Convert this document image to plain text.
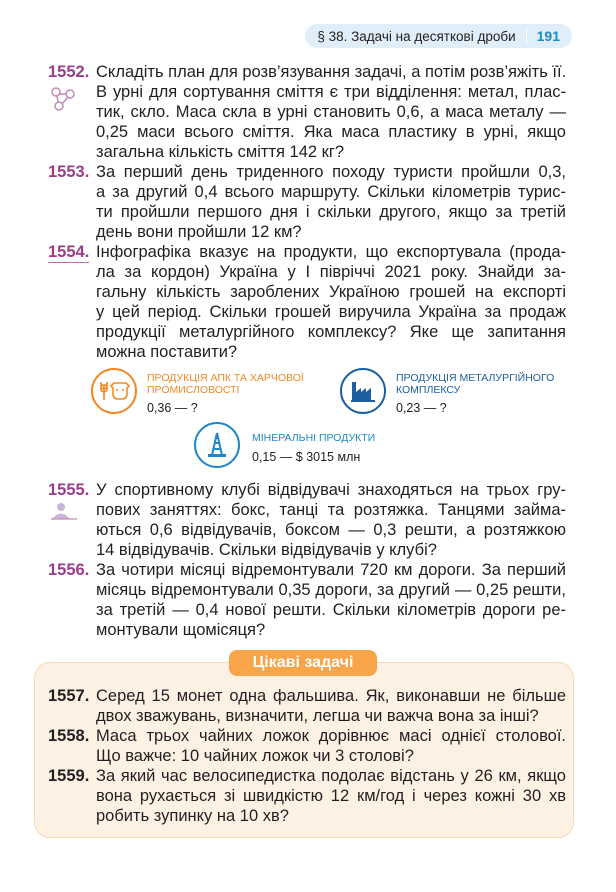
§ 38. Задачі на десяткові дроби	191
1552. Складіть план для розв’язування задачі, а потім розв’яжіть її.
В урні для сортування сміття є три відділення: метал, плас-
тик, скло. Маса скла в урні становить 0,6, а маса металу —
0,25 маси всього сміття. Яка маса пластику в урні, якщо
загальна кількість сміття 142 кг?
1553. За перший день триденного походу туристи пройшли 0,3,
а за другий 0,4 всього маршруту. Скільки кілометрів турис-
ти пройшли першого дня і скільки другого, якщо за третій
день вони пройшли 12 км?
1554. Інфографіка вказує на продукти, що експортувала (прода-
ла за кордон) Україна у І півріччі 2021 року. Знайди за-
гальну кількість зароблених Україною грошей на експорті
у цей період. Скільки грошей виручила Україна за продаж
продукції металургійного комплексу? Яке ще запитання
можна поставити?
ПРОДУКЦІЯ АПК ТА ХАРЧОВОЇ
ПРОМИСЛОВОСТІ
0,36 — ?
ПРОДУКЦІЯ МЕТАЛУРГІЙНОГО
КОМПЛЕКСУ
0,23 — ?
МІНЕРАЛЬНІ ПРОДУКТИ
0,15 — $ 3015 млн
1555. У спортивному клубі відвідувачі знаходяться на трьох гру-
пових заняттях: бокс, танці та розтяжка. Танцями займа-
ються 0,6 відвідувачів, боксом — 0,3 решти, а розтяжкою
14 відвідувачів. Скільки відвідувачів у клубі?
1556. За чотири місяці відремонтували 720 км дороги. За перший
місяць відремонтували 0,35 дороги, за другий — 0,25 решти,
за третій — 0,4 нової решти. Скільки кілометрів дороги ре-
монтували щомісяця?
Цікаві задачі
1557. Серед 15 монет одна фальшива. Як, виконавши не більше
двох зважувань, визначити, легша чи важча вона за інші?
1558. Маса трьох чайних ложок дорівнює масі однієї столової.
Що важче: 10 чайних ложок чи 3 столові?
1559. За який час велосипедистка подолає відстань у 26 км, якщо
вона рухається зі швидкістю 12 км/год і через кожні 30 хв
робить зупинку на 10 хв?
